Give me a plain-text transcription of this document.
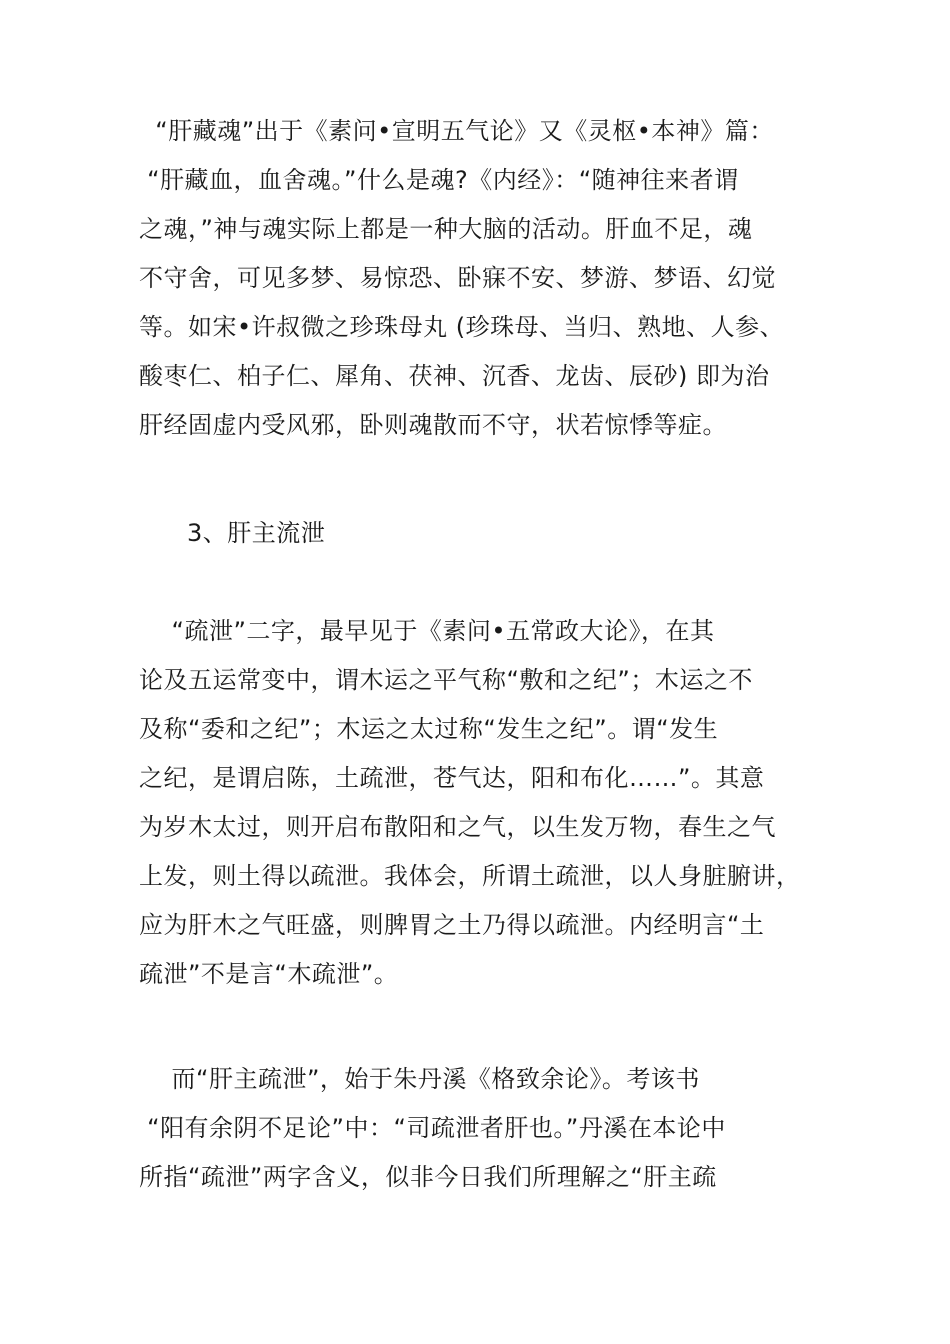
“肝藏魂”出于《素问•宣明五气论》又《灵枢•本神》篇：
“肝藏血，血舍魂。”什么是魂?《内经》：“随神往来者谓
之魂，”神与魂实际上都是一种大脑的活动。肝血不足，魂
不守舍，可见多梦、易惊恐、卧寐不安、梦游、梦语、幻觉
等。如宋•许叔微之珍珠母丸 (珍珠母、当归、熟地、人参、
酸枣仁、柏子仁、犀角、茯神、沉香、龙齿、辰砂) 即为治
肝经固虚内受风邪，卧则魂散而不守，状若惊悸等症。
3、肝主流泄
“疏泄”二字，最早见于《素问•五常政大论》，在其
论及五运常变中，谓木运之平气称“敷和之纪”；木运之不
及称“委和之纪”；木运之太过称“发生之纪”。谓“发生
之纪，是谓启陈，土疏泄，苍气达，阳和布化……”。其意
为岁木太过，则开启布散阳和之气，以生发万物，春生之气
上发，则土得以疏泄。我体会，所谓土疏泄，以人身脏腑讲，
应为肝木之气旺盛，则脾胃之土乃得以疏泄。内经明言“土
疏泄”不是言“木疏泄”。
而“肝主疏泄”，始于朱丹溪《格致余论》。考该书
“阳有余阴不足论”中：“司疏泄者肝也。”丹溪在本论中
所指“疏泄”两字含义，似非今日我们所理解之“肝主疏
